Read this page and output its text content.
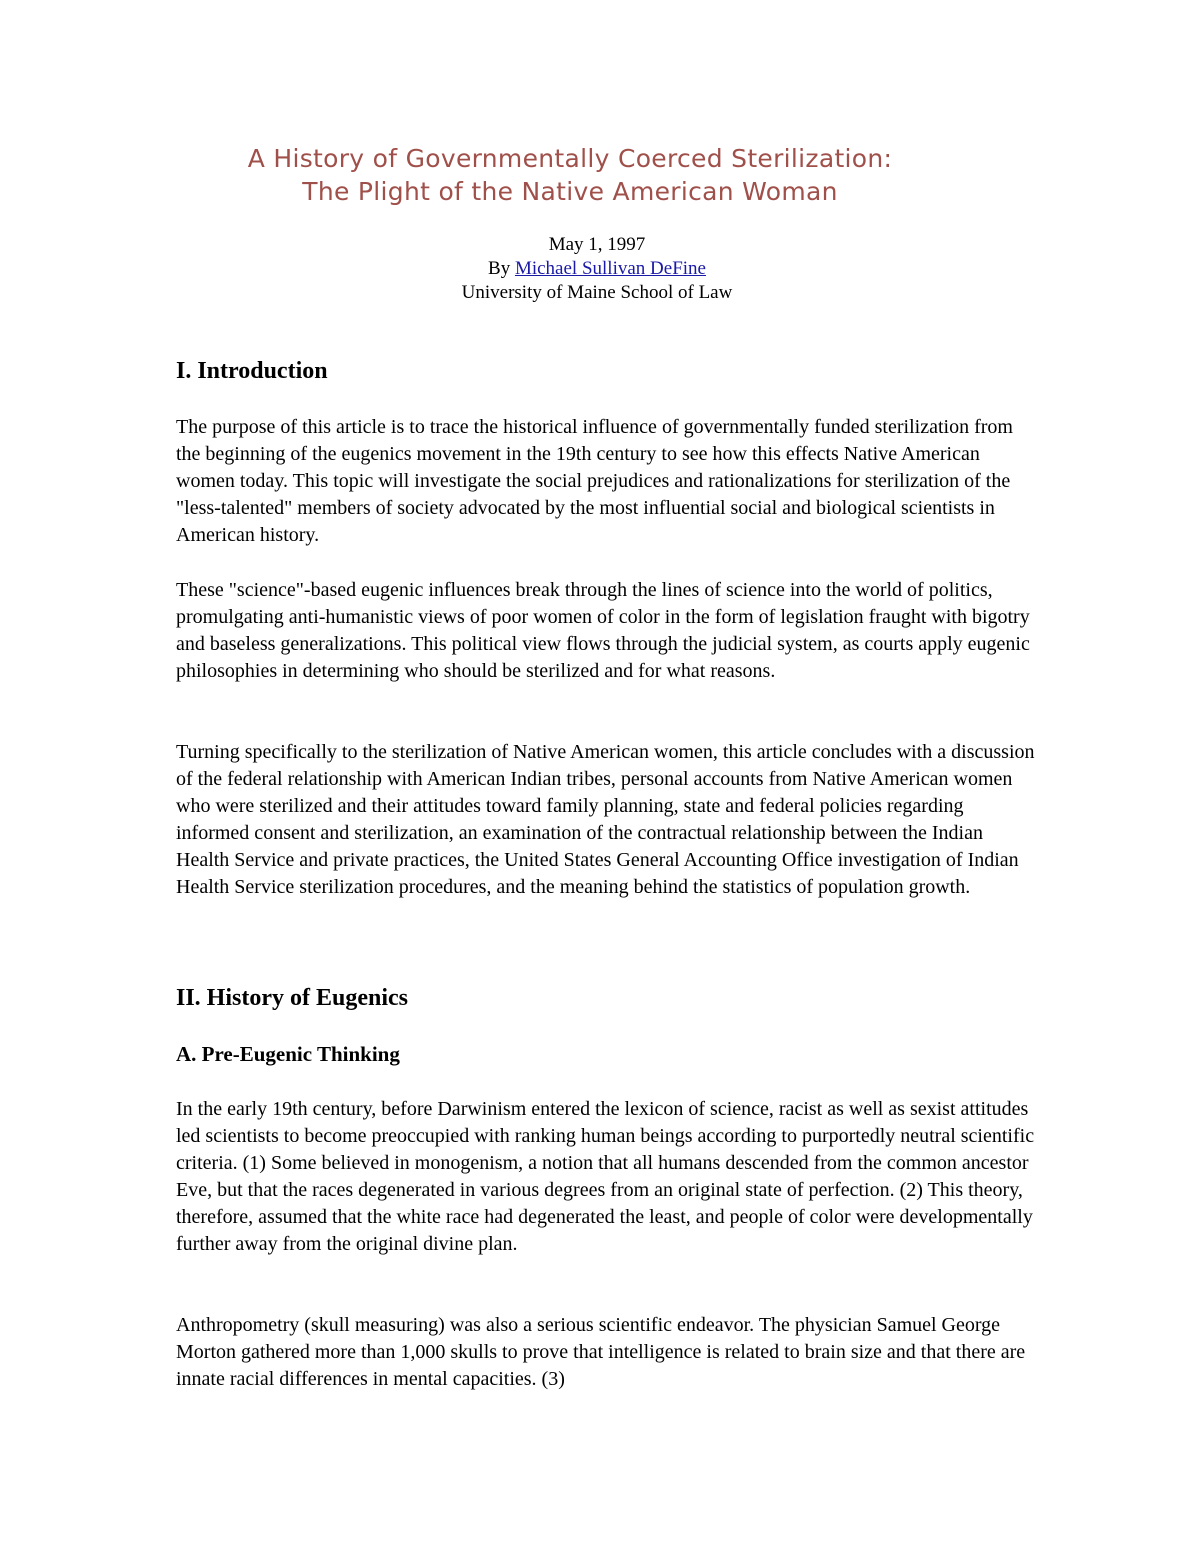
A History of Governmentally Coerced Sterilization:
The Plight of the Native American Woman
May 1, 1997
By Michael Sullivan DeFine
University of Maine School of Law
I. Introduction

The purpose of this article is to trace the historical influence of governmentally funded sterilization from the beginning of the eugenics movement in the 19th century to see how this effects Native American women today. This topic will investigate the social prejudices and rationalizations for sterilization of the "less-talented" members of society advocated by the most influential social and biological scientists in American history.

These "science"-based eugenic influences break through the lines of science into the world of politics, promulgating anti-humanistic views of poor women of color in the form of legislation fraught with bigotry and baseless generalizations. This political view flows through the judicial system, as courts apply eugenic philosophies in determining who should be sterilized and for what reasons.

Turning specifically to the sterilization of Native American women, this article concludes with a discussion of the federal relationship with American Indian tribes, personal accounts from Native American women who were sterilized and their attitudes toward family planning, state and federal policies regarding informed consent and sterilization, an examination of the contractual relationship between the Indian Health Service and private practices, the United States General Accounting Office investigation of Indian Health Service sterilization procedures, and the meaning behind the statistics of population growth.

II. History of Eugenics
A. Pre-Eugenic Thinking

In the early 19th century, before Darwinism entered the lexicon of science, racist as well as sexist attitudes led scientists to become preoccupied with ranking human beings according to purportedly neutral scientific criteria. (1) Some believed in monogenism, a notion that all humans descended from the common ancestor Eve, but that the races degenerated in various degrees from an original state of perfection. (2) This theory, therefore, assumed that the white race had degenerated the least, and people of color were developmentally further away from the original divine plan.

Anthropometry (skull measuring) was also a serious scientific endeavor. The physician Samuel George Morton gathered more than 1,000 skulls to prove that intelligence is related to brain size and that there are innate racial differences in mental capacities. (3)
